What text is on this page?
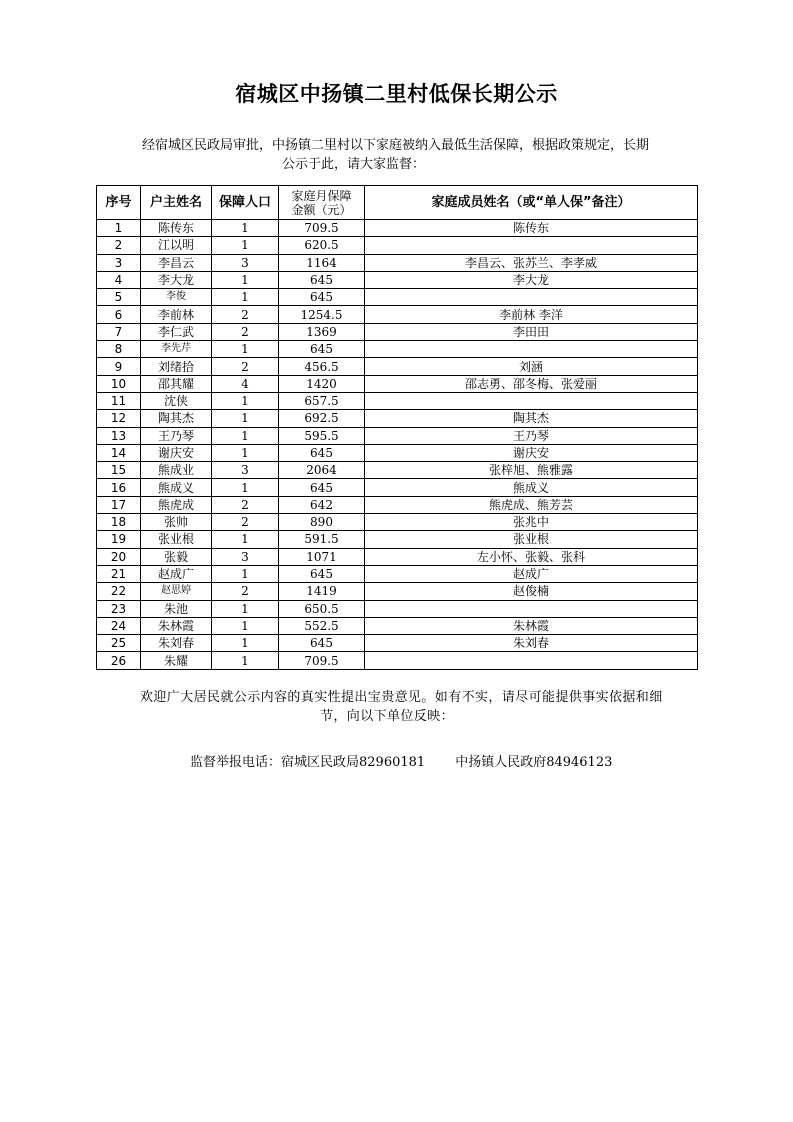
宿城区中扬镇二里村低保长期公示
经宿城区民政局审批，中扬镇二里村以下家庭被纳入最低生活保障，根据政策规定，长期
公示于此，请大家监督：
序号	户主姓名	保障人口	家庭月保障
金额（元）	家庭成员姓名（或“单人保”备注）
1	陈传东	1	709.5	陈传东
2	江以明	1	620.5	
3	李昌云	3	1164	李昌云、张苏兰、李孝威
4	李大龙	1	645	李大龙
5	李俊	1	645	
6	李前林	2	1254.5	李前林 李洋
7	李仁武	2	1369	李田田
8	李先芹	1	645	
9	刘绪拾	2	456.5	刘涵
10	邵其耀	4	1420	邵志勇、邵冬梅、张爱丽
11	沈侠	1	657.5	
12	陶其杰	1	692.5	陶其杰
13	王乃琴	1	595.5	王乃琴
14	谢庆安	1	645	谢庆安
15	熊成业	3	2064	张梓旭、熊雅露
16	熊成义	1	645	熊成义
17	熊虎成	2	642	熊虎成、熊芳芸
18	张帅	2	890	张兆中
19	张业根	1	591.5	张业根
20	张毅	3	1071	左小怀、张毅、张科
21	赵成广	1	645	赵成广
22	赵思婷	2	1419	赵俊楠
23	朱池	1	650.5	
24	朱林霞	1	552.5	朱林霞
25	朱刘春	1	645	朱刘春
26	朱耀	1	709.5	
欢迎广大居民就公示内容的真实性提出宝贵意见。如有不实，请尽可能提供事实依据和细
节，向以下单位反映：
监督举报电话：宿城区民政局82960181 中扬镇人民政府84946123
